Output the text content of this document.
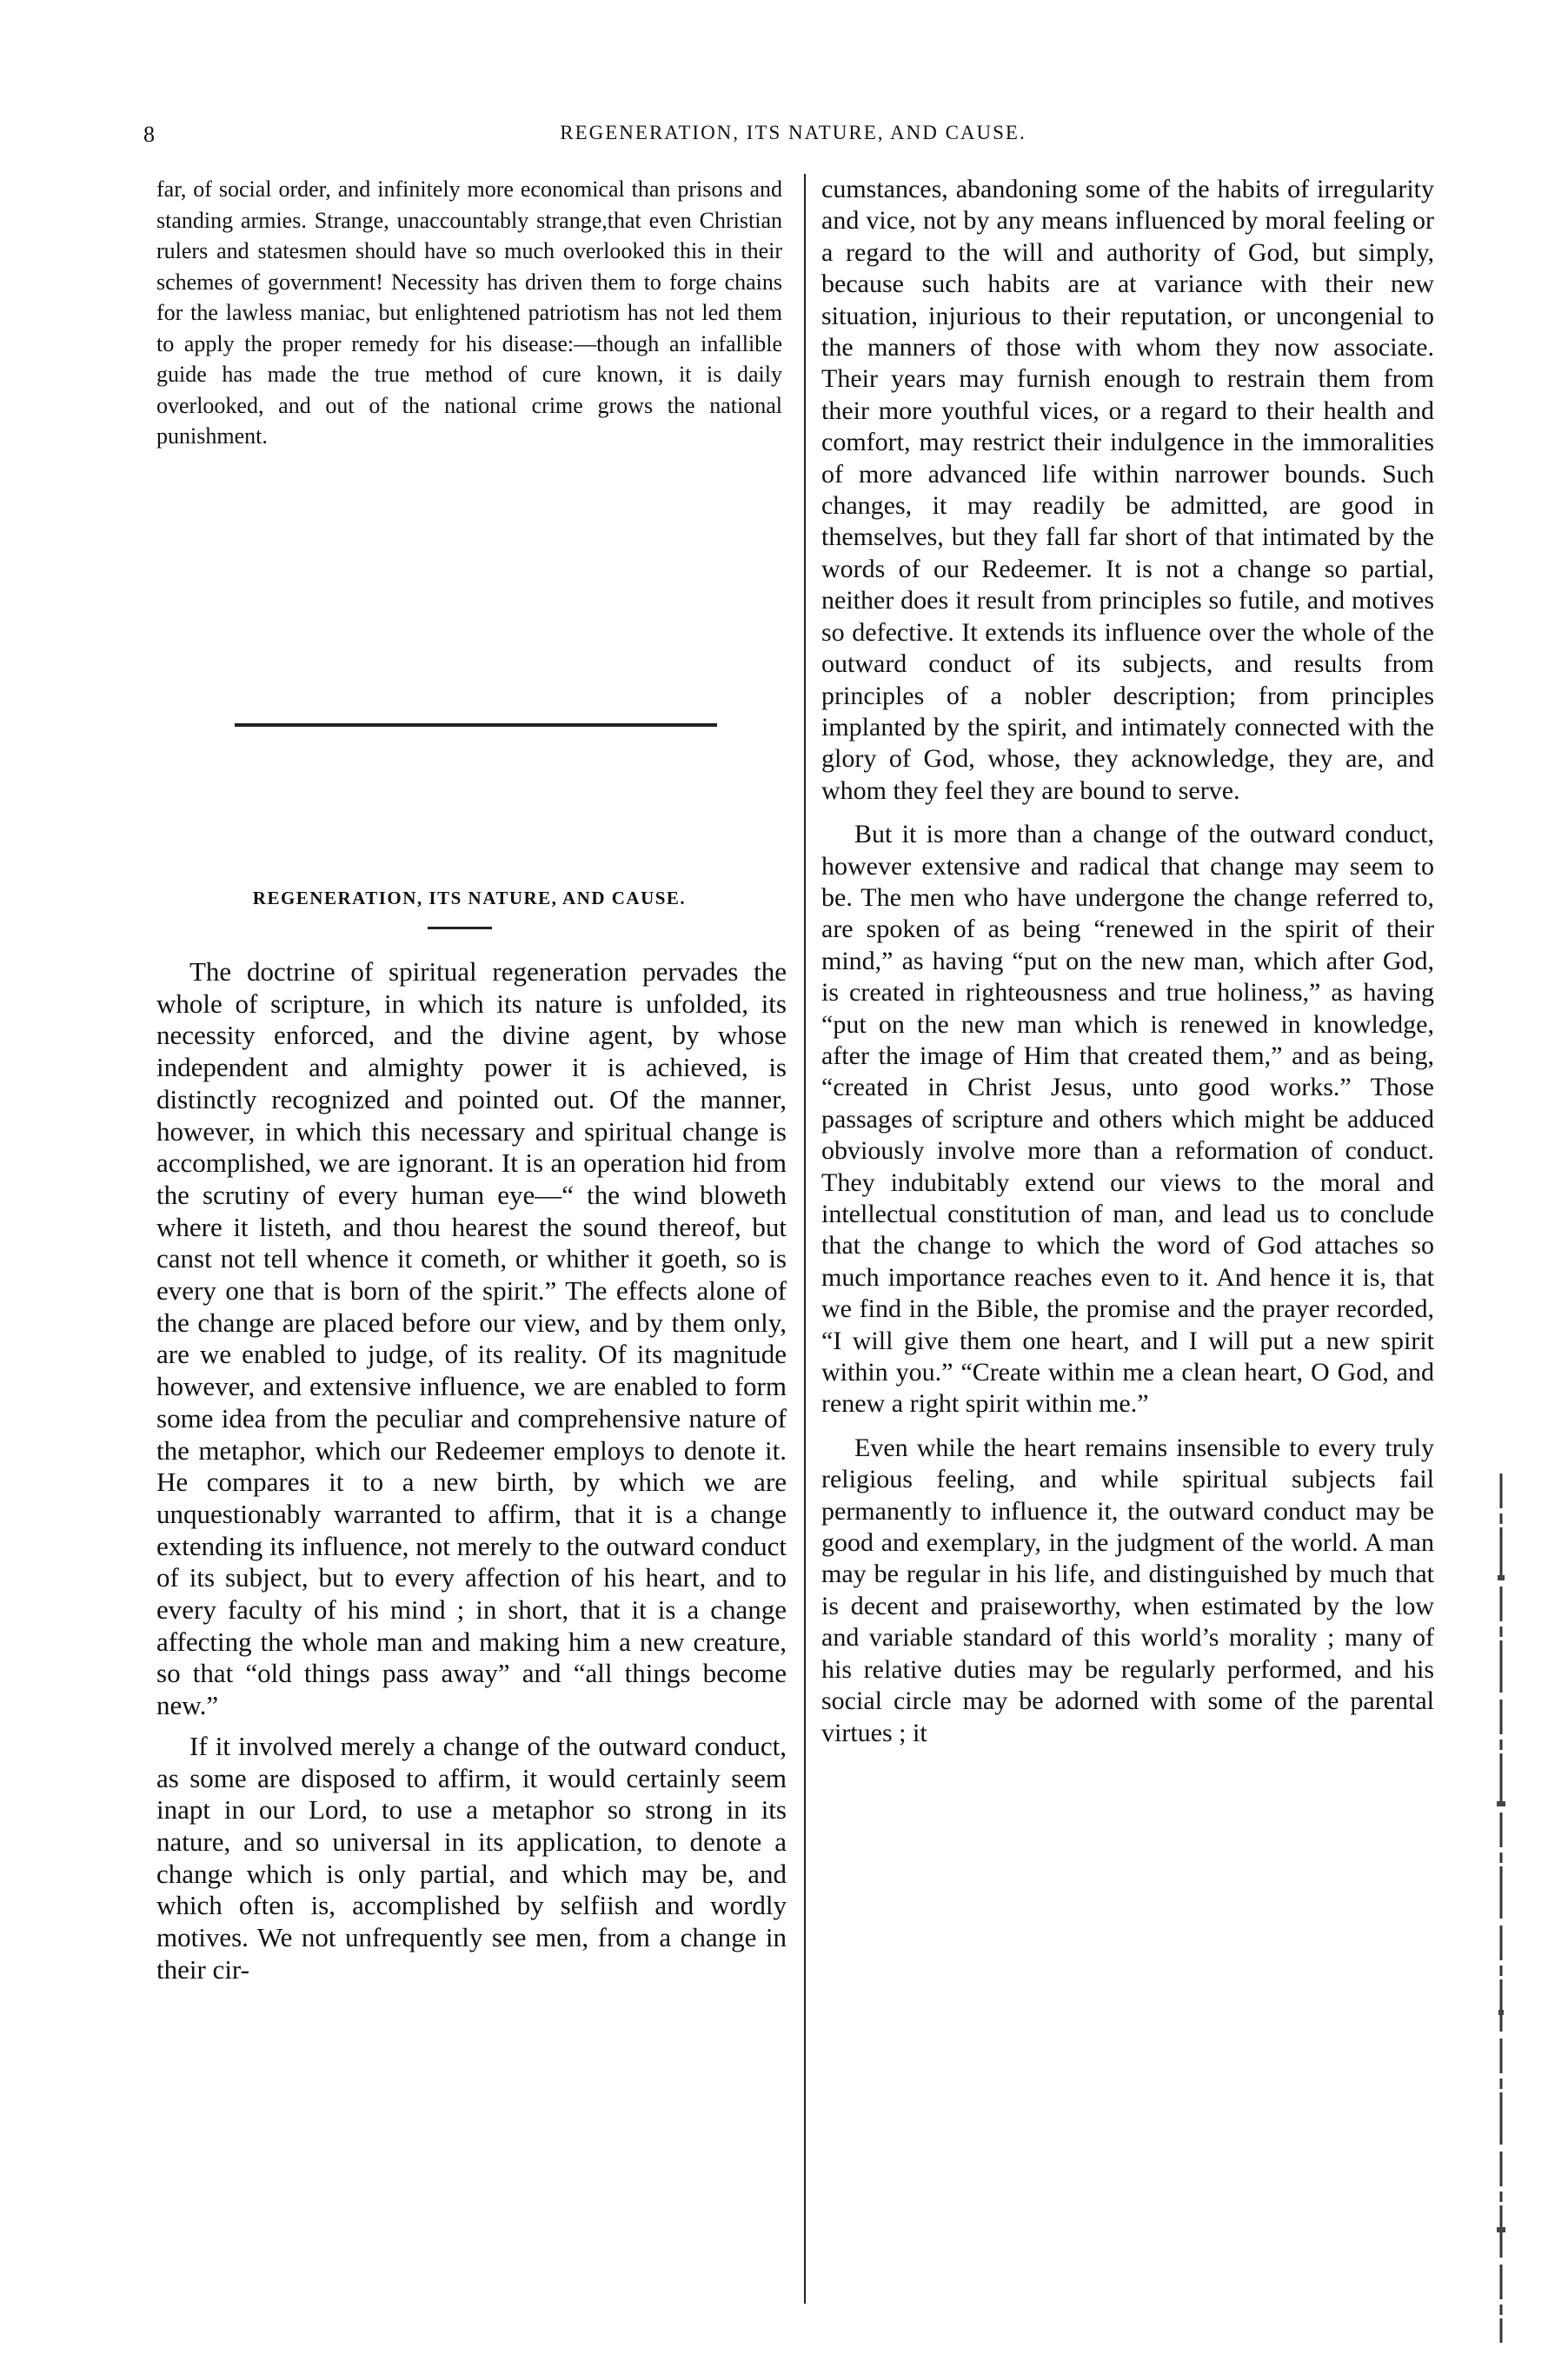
8	REGENERATION, ITS NATURE, AND CAUSE.

far, of social order, and infinitely more economical than prisons and standing armies. Strange, unaccountably strange,that even Christian rulers and statesmen should have so much overlooked this in their schemes of government! Necessity has driven them to forge chains for the lawless maniac, but enlightened patriotism has not led them to apply the proper remedy for his disease:—though an infallible guide has made the true method of cure known, it is daily overlooked, and out of the national crime grows the national punishment.

REGENERATION, ITS NATURE, AND CAUSE.

The doctrine of spiritual regeneration pervades the whole of scripture, in which its nature is unfolded, its necessity enforced, and the divine agent, by whose independent and almighty power it is achieved, is distinctly recognized and pointed out. Of the manner, however, in which this necessary and spiritual change is accomplished, we are ignorant. It is an operation hid from the scrutiny of every human eye—“ the wind bloweth where it listeth, and thou hearest the sound thereof, but canst not tell whence it cometh, or whither it goeth, so is every one that is born of the spirit.” The effects alone of the change are placed before our view, and by them only, are we enabled to judge, of its reality. Of its magnitude however, and extensive influence, we are enabled to form some idea from the peculiar and comprehensive nature of the metaphor, which our Redeemer employs to denote it. He compares it to a new birth, by which we are unquestionably warranted to affirm, that it is a change extending its influence, not merely to the outward conduct of its subject, but to every affection of his heart, and to every faculty of his mind ; in short, that it is a change affecting the whole man and making him a new creature, so that “old things pass away” and “all things become new.”

If it involved merely a change of the outward conduct, as some are disposed to affirm, it would certainly seem inapt in our Lord, to use a metaphor so strong in its nature, and so universal in its application, to denote a change which is only partial, and which may be, and which often is, accomplished by selfiish and wordly motives. We not unfrequently see men, from a change in their cir-

cumstances, abandoning some of the habits of irregularity and vice, not by any means influenced by moral feeling or a regard to the will and authority of God, but simply, because such habits are at variance with their new situation, injurious to their reputation, or uncongenial to the manners of those with whom they now associate. Their years may furnish enough to restrain them from their more youthful vices, or a regard to their health and comfort, may restrict their indulgence in the immoralities of more advanced life within narrower bounds. Such changes, it may readily be admitted, are good in themselves, but they fall far short of that intimated by the words of our Redeemer. It is not a change so partial, neither does it result from principles so futile, and motives so defective. It extends its influence over the whole of the outward conduct of its subjects, and results from principles of a nobler description; from principles implanted by the spirit, and intimately connected with the glory of God, whose, they acknowledge, they are, and whom they feel they are bound to serve.

But it is more than a change of the outward conduct, however extensive and radical that change may seem to be. The men who have undergone the change referred to, are spoken of as being “renewed in the spirit of their mind,” as having “put on the new man, which after God, is created in righteousness and true holiness,” as having “put on the new man which is renewed in knowledge, after the image of Him that created them,” and as being, “created in Christ Jesus, unto good works.” Those passages of scripture and others which might be adduced obviously involve more than a reformation of conduct. They indubitably extend our views to the moral and intellectual constitution of man, and lead us to conclude that the change to which the word of God attaches so much importance reaches even to it. And hence it is, that we find in the Bible, the promise and the prayer recorded, “I will give them one heart, and I will put a new spirit within you.” “Create within me a clean heart, O God, and renew a right spirit within me.”

Even while the heart remains insensible to every truly religious feeling, and while spiritual subjects fail permanently to influence it, the outward conduct may be good and exemplary, in the judgment of the world. A man may be regular in his life, and distinguished by much that is decent and praiseworthy, when estimated by the low and variable standard of this world’s morality ; many of his relative duties may be regularly performed, and his social circle may be adorned with some of the parental virtues ; it
